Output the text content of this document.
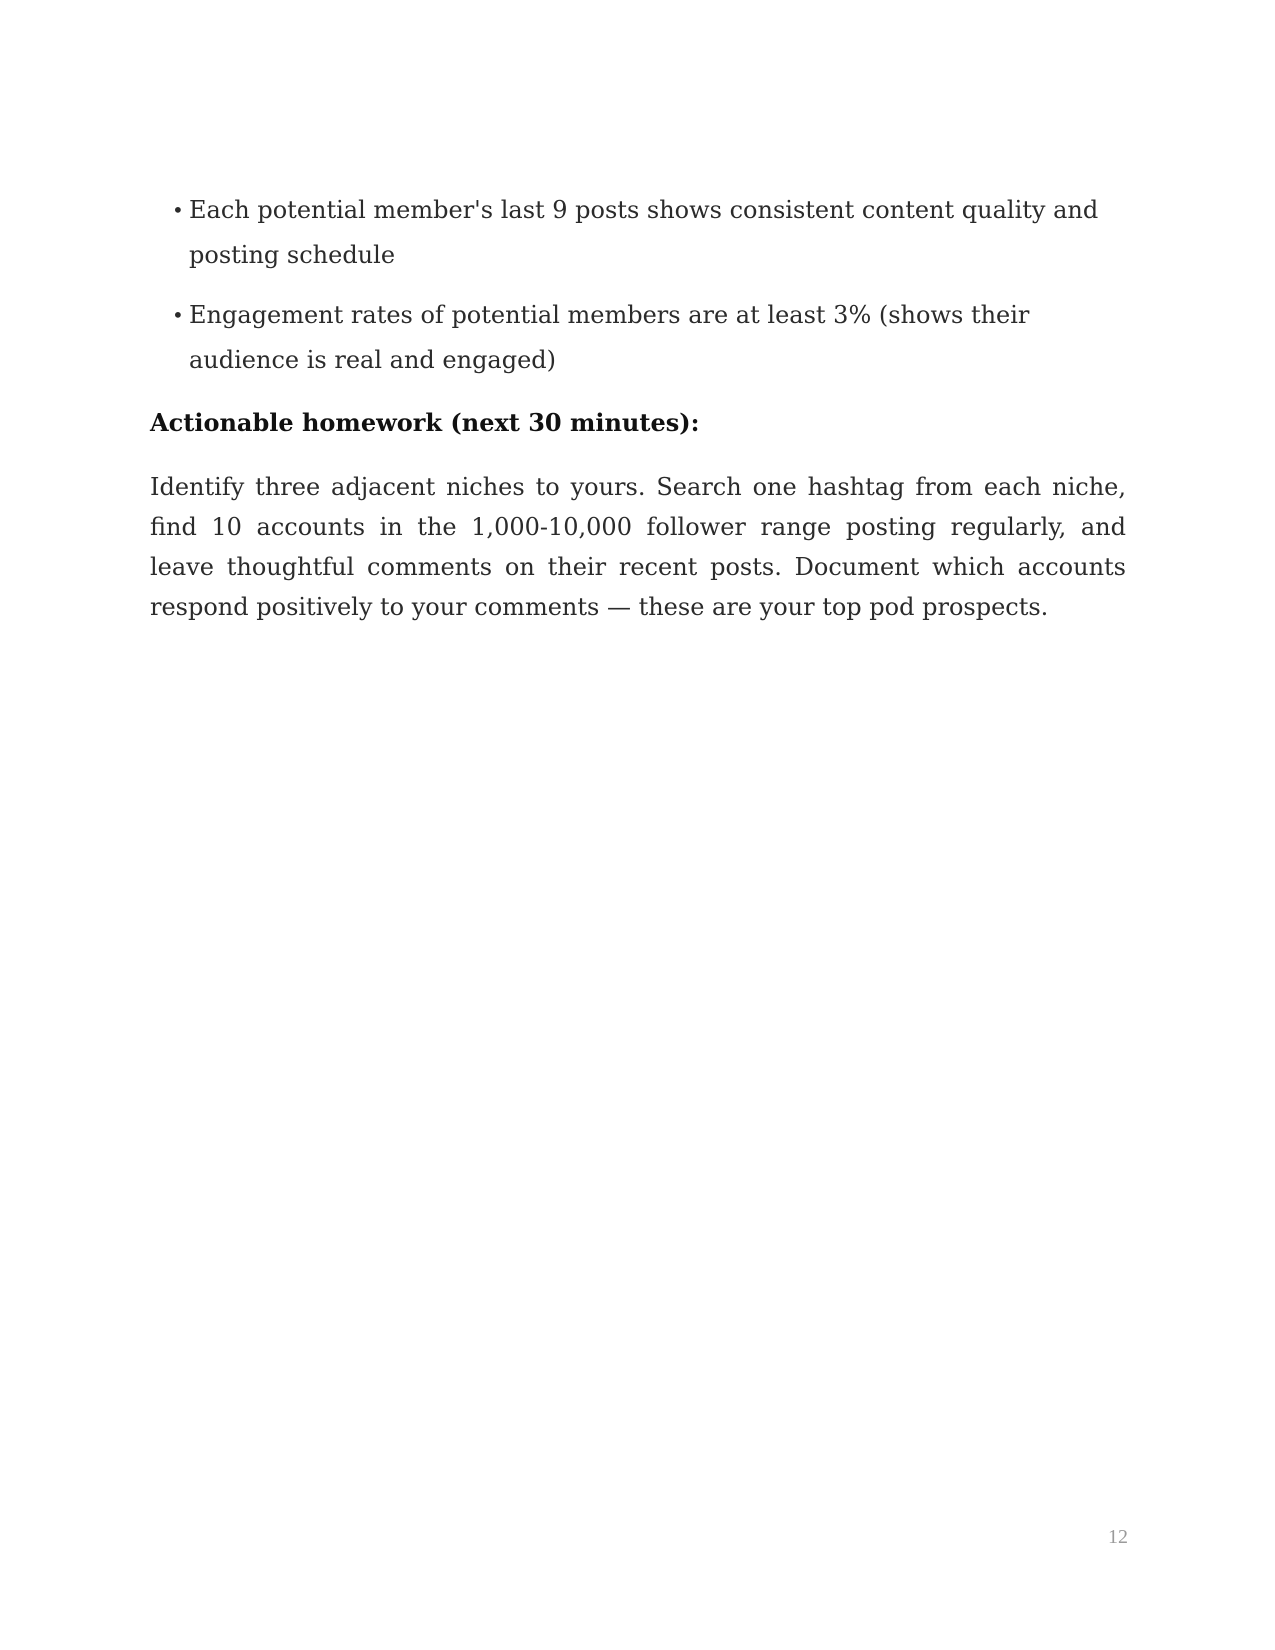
• Each potential member's last 9 posts shows consistent content quality and posting schedule
• Engagement rates of potential members are at least 3% (shows their audience is real and engaged)
Actionable homework (next 30 minutes):

Identify three adjacent niches to yours. Search one hashtag from each niche, find 10 accounts in the 1,000-10,000 follower range posting regularly, and leave thoughtful comments on their recent posts. Document which accounts respond positively to your comments — these are your top pod prospects.

12
